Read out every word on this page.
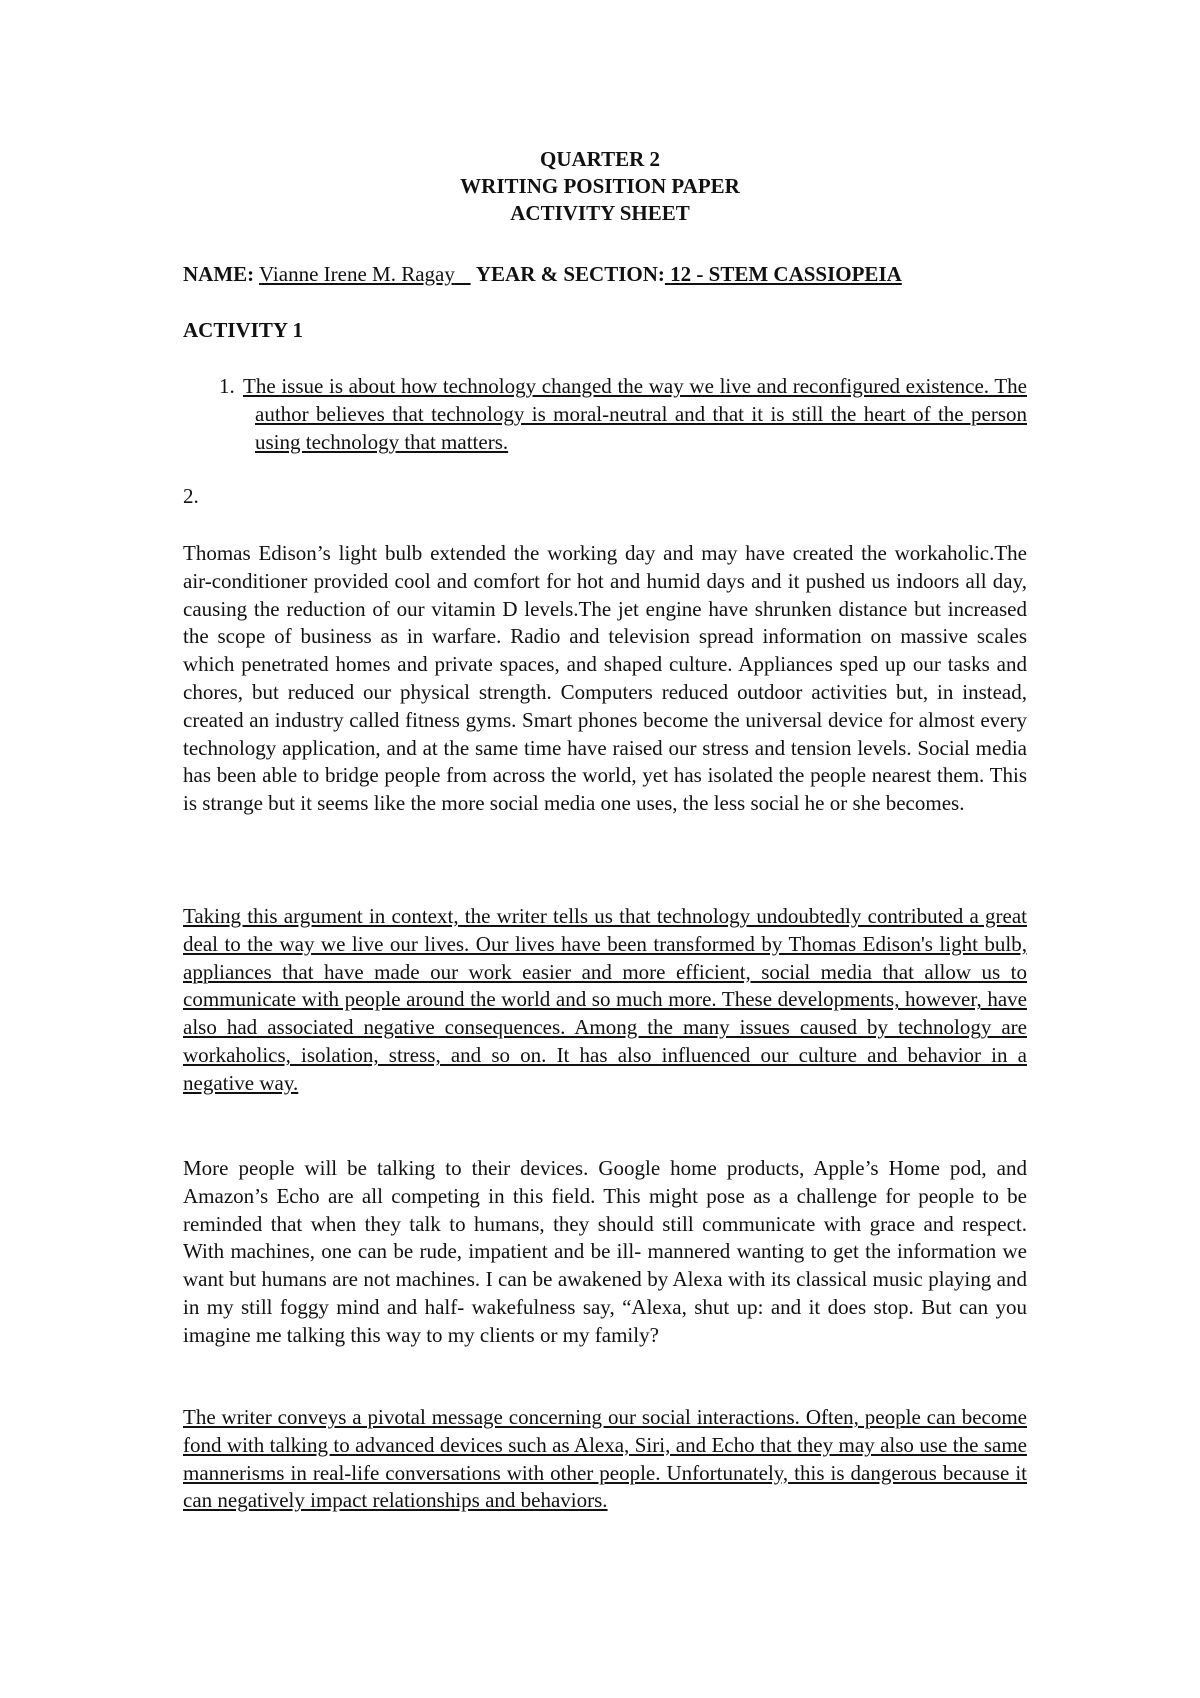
QUARTER 2
WRITING POSITION PAPER
ACTIVITY SHEET
NAME: Vianne Irene M. Ragay YEAR & SECTION: 12 - STEM CASSIOPEIA
ACTIVITY 1
1. The issue is about how technology changed the way we live and reconfigured existence. The author believes that technology is moral-neutral and that it is still the heart of the person using technology that matters.
2.
Thomas Edison’s light bulb extended the working day and may have created the workaholic.The air-conditioner provided cool and comfort for hot and humid days and it pushed us indoors all day, causing the reduction of our vitamin D levels.The jet engine have shrunken distance but increased the scope of business as in warfare. Radio and television spread information on massive scales which penetrated homes and private spaces, and shaped culture. Appliances sped up our tasks and chores, but reduced our physical strength. Computers reduced outdoor activities but, in instead, created an industry called fitness gyms. Smart phones become the universal device for almost every technology application, and at the same time have raised our stress and tension levels. Social media has been able to bridge people from across the world, yet has isolated the people nearest them. This is strange but it seems like the more social media one uses, the less social he or she becomes.
Taking this argument in context, the writer tells us that technology undoubtedly contributed a great deal to the way we live our lives. Our lives have been transformed by Thomas Edison's light bulb, appliances that have made our work easier and more efficient, social media that allow us to communicate with people around the world and so much more. These developments, however, have also had associated negative consequences. Among the many issues caused by technology are workaholics, isolation, stress, and so on. It has also influenced our culture and behavior in a negative way.
More people will be talking to their devices. Google home products, Apple’s Home pod, and Amazon’s Echo are all competing in this field. This might pose as a challenge for people to be reminded that when they talk to humans, they should still communicate with grace and respect. With machines, one can be rude, impatient and be ill- mannered wanting to get the information we want but humans are not machines. I can be awakened by Alexa with its classical music playing and in my still foggy mind and half- wakefulness say, “Alexa, shut up: and it does stop. But can you imagine me talking this way to my clients or my family?
The writer conveys a pivotal message concerning our social interactions. Often, people can become fond with talking to advanced devices such as Alexa, Siri, and Echo that they may also use the same mannerisms in real-life conversations with other people. Unfortunately, this is dangerous because it can negatively impact relationships and behaviors.
